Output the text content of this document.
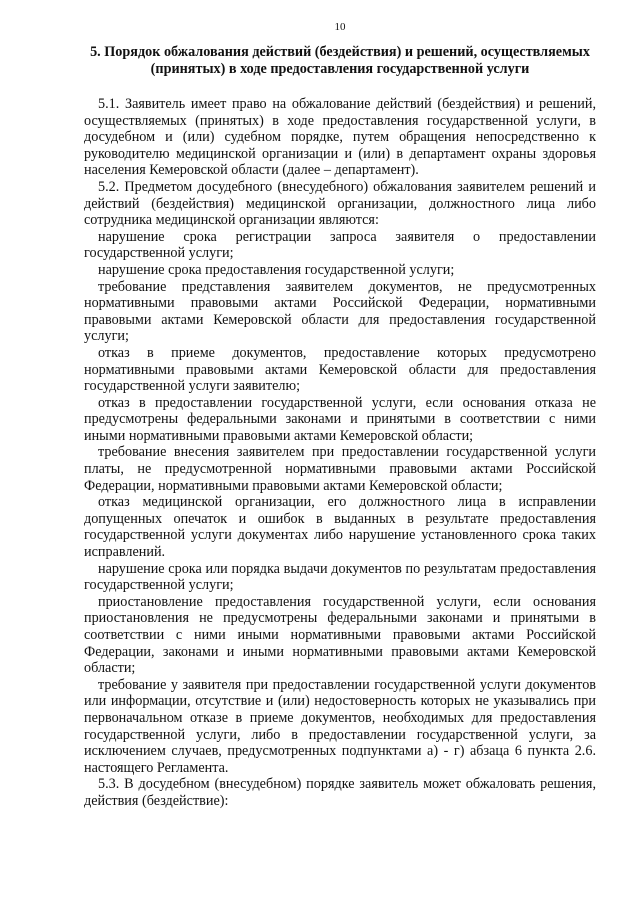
10
5. Порядок обжалования действий (бездействия) и решений, осуществляемых (принятых) в ходе предоставления государственной услуги

5.1. Заявитель имеет право на обжалование действий (бездействия) и решений, осуществляемых (принятых) в ходе предоставления государственной услуги, в досудебном и (или) судебном порядке, путем обращения непосредственно к руководителю медицинской организации и (или) в департамент охраны здоровья населения Кемеровской области (далее – департамент).

5.2. Предметом досудебного (внесудебного) обжалования заявителем решений и действий (бездействия) медицинской организации, должностного лица либо сотрудника медицинской организации являются:

нарушение срока регистрации запроса заявителя о предоставлении государственной услуги;

нарушение срока предоставления государственной услуги;

требование представления заявителем документов, не предусмотренных нормативными правовыми актами Российской Федерации, нормативными правовыми актами Кемеровской области для предоставления государственной услуги;

отказ в приеме документов, предоставление которых предусмотрено нормативными правовыми актами Кемеровской области для предоставления государственной услуги заявителю;

отказ в предоставлении государственной услуги, если основания отказа не предусмотрены федеральными законами и принятыми в соответствии с ними иными нормативными правовыми актами Кемеровской области;

требование внесения заявителем при предоставлении государственной услуги платы, не предусмотренной нормативными правовыми актами Российской Федерации, нормативными правовыми актами Кемеровской области;

отказ медицинской организации, его должностного лица в исправлении допущенных опечаток и ошибок в выданных в результате предоставления государственной услуги документах либо нарушение установленного срока таких исправлений.

нарушение срока или порядка выдачи документов по результатам предоставления государственной услуги;

приостановление предоставления государственной услуги, если основания приостановления не предусмотрены федеральными законами и принятыми в соответствии с ними иными нормативными правовыми актами Российской Федерации, законами и иными нормативными правовыми актами Кемеровской области;

требование у заявителя при предоставлении государственной услуги документов или информации, отсутствие и (или) недостоверность которых не указывались при первоначальном отказе в приеме документов, необходимых для предоставления государственной услуги, либо в предоставлении государственной услуги, за исключением случаев, предусмотренных подпунктами а) - г) абзаца 6 пункта 2.6. настоящего Регламента.

5.3. В досудебном (внесудебном) порядке заявитель может обжаловать решения, действия (бездействие):
